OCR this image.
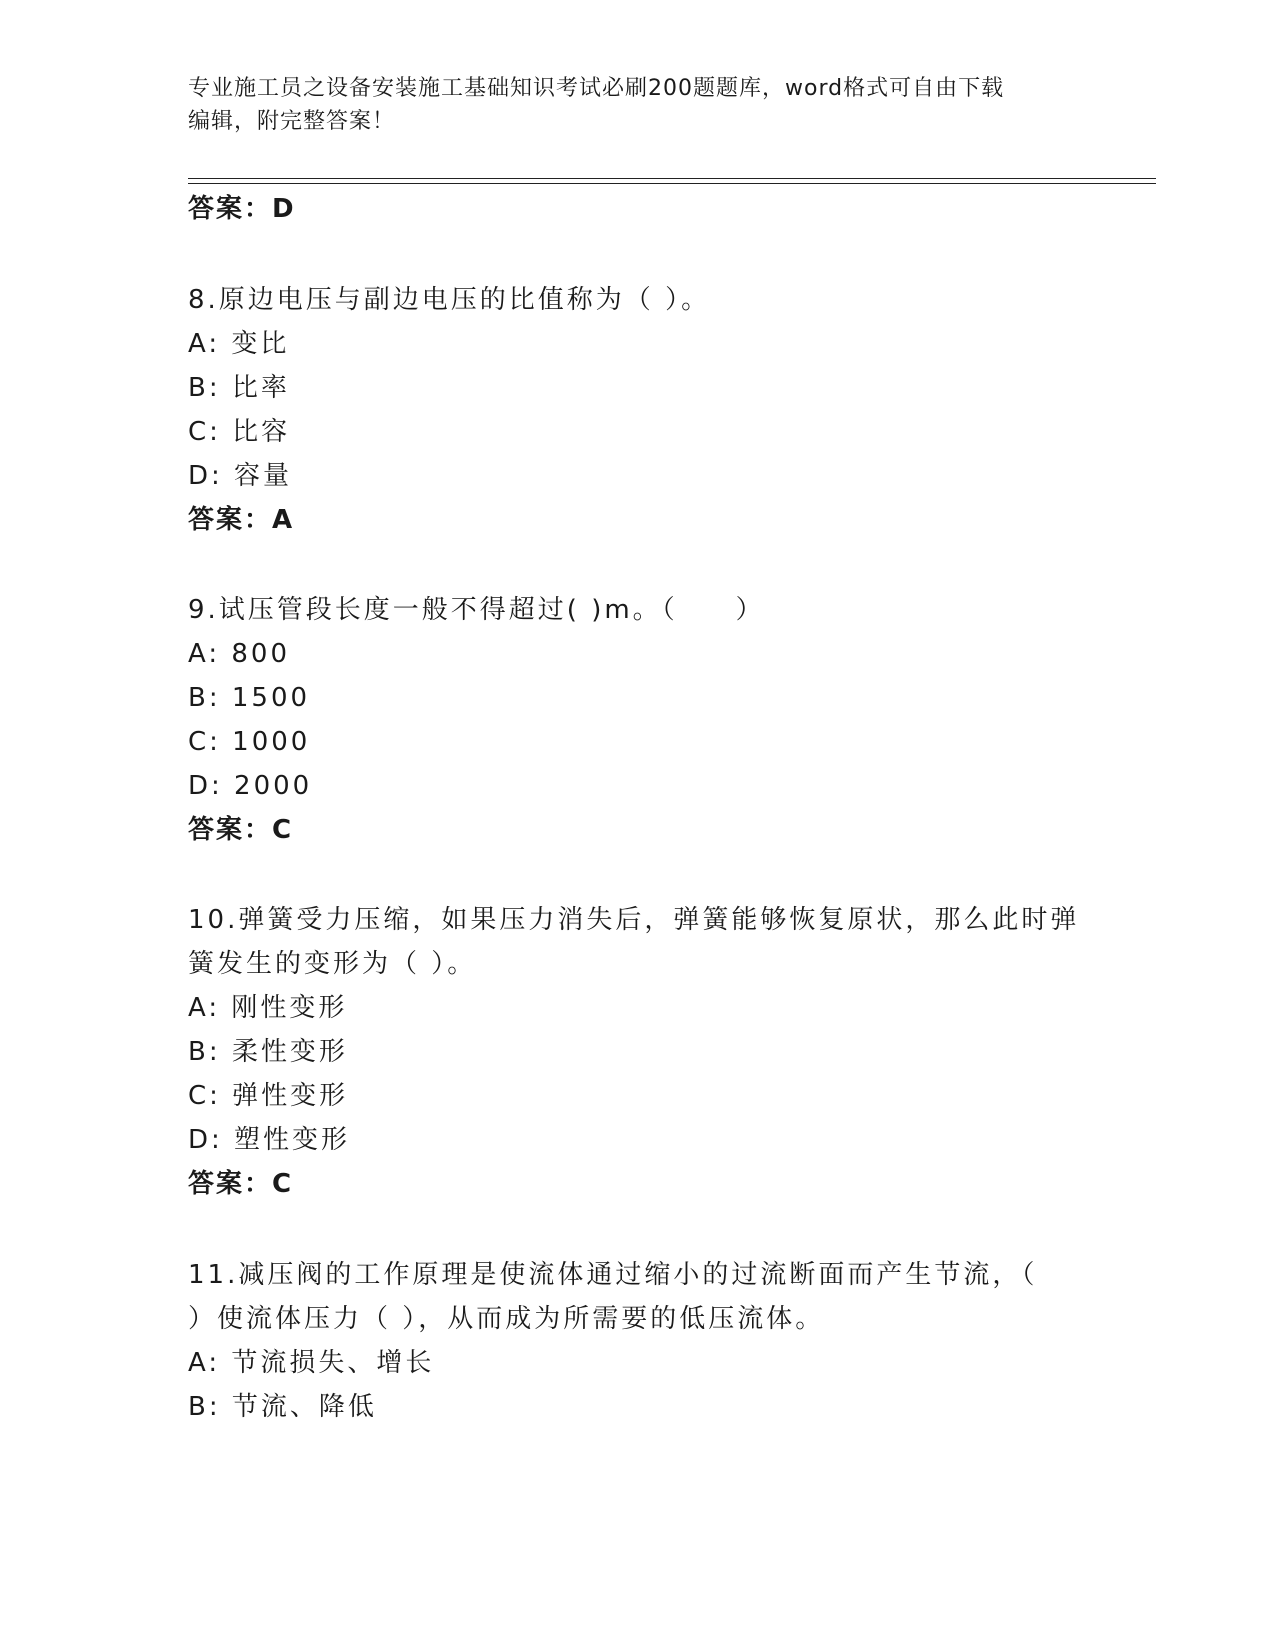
专业施工员之设备安装施工基础知识考试必刷200题题库，word格式可自由下载
编辑，附完整答案！
答案：D
8.原边电压与副边电压的比值称为（ ）。
A: 变比
B: 比率
C: 比容
D: 容量
答案：A
9.试压管段长度一般不得超过( )m。（　　）
A: 800
B: 1500
C: 1000
D: 2000
答案：C
10.弹簧受力压缩，如果压力消失后，弹簧能够恢复原状，那么此时弹
簧发生的变形为（ ）。
A: 刚性变形
B: 柔性变形
C: 弹性变形
D: 塑性变形
答案：C
11.减压阀的工作原理是使流体通过缩小的过流断面而产生节流，（
）使流体压力（ ），从而成为所需要的低压流体。
A: 节流损失、增长
B: 节流、降低
